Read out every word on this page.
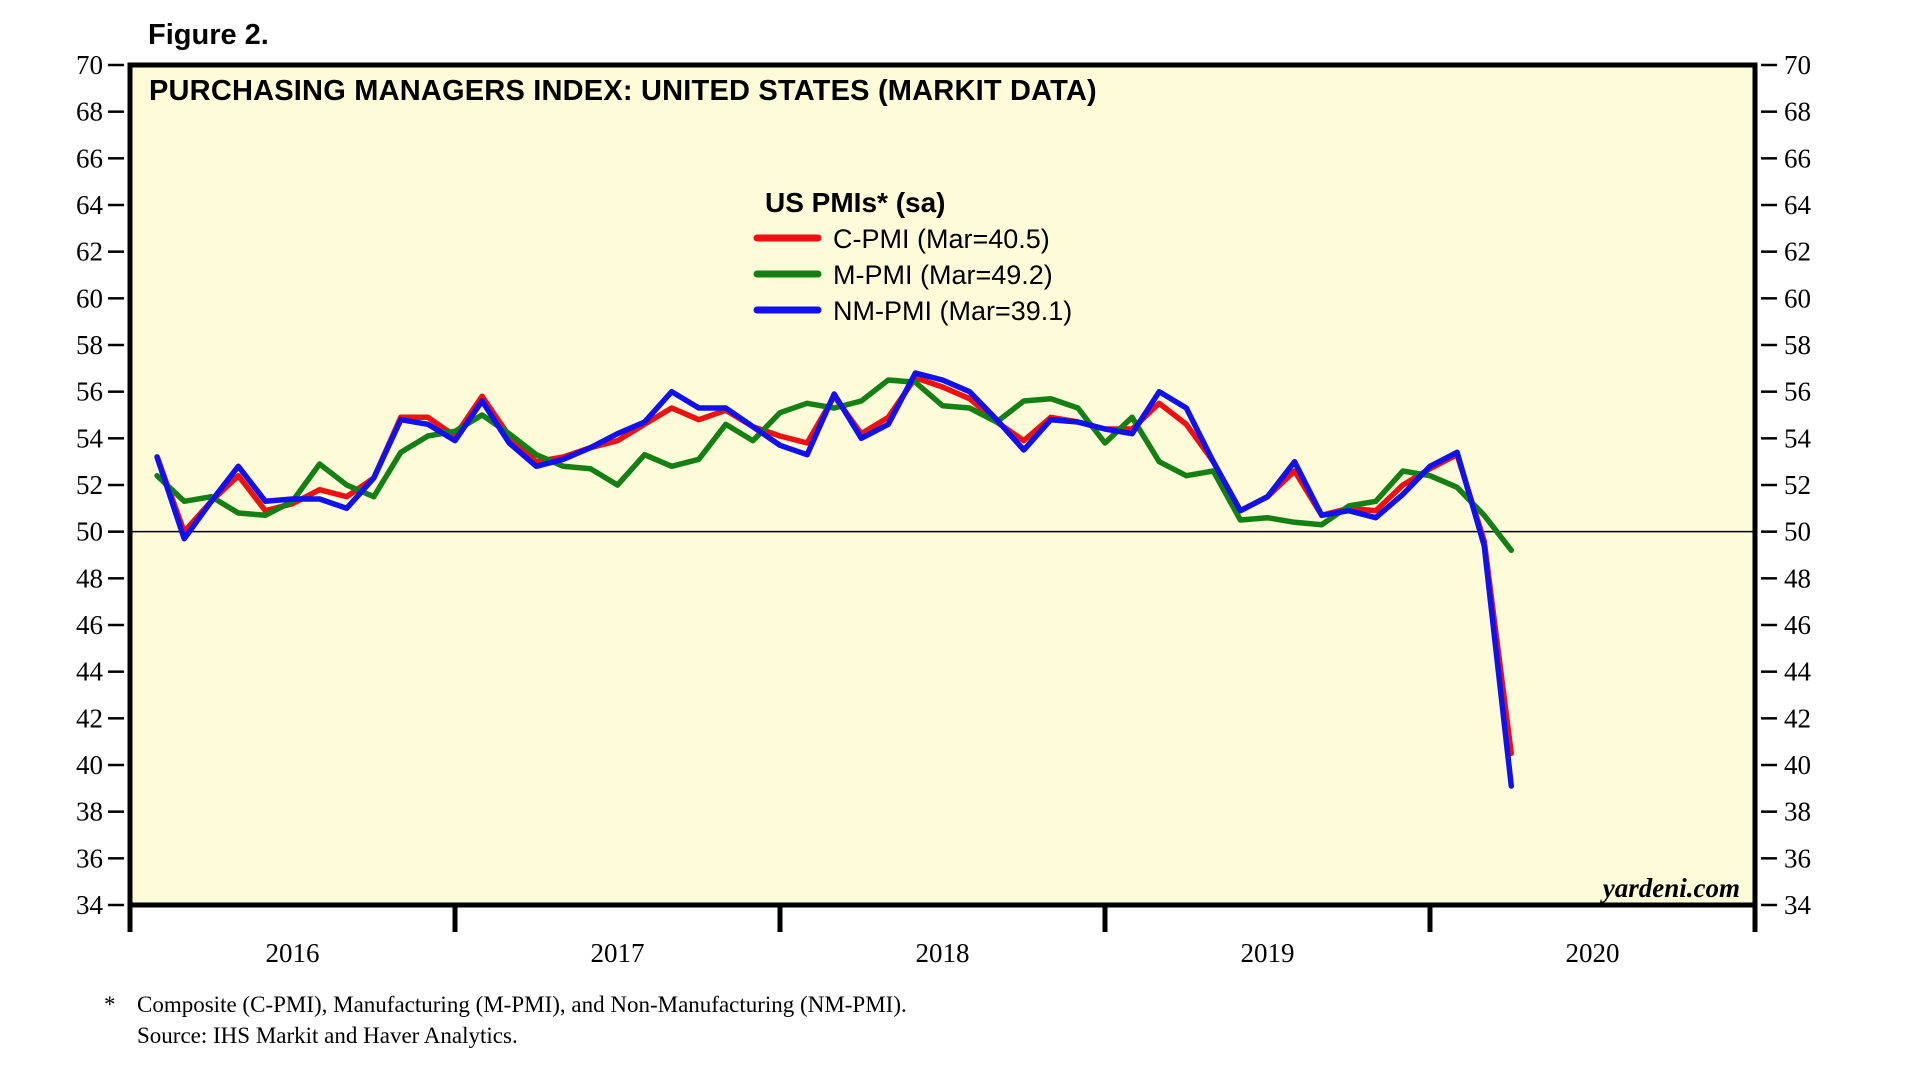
Figure 2.
34	34
36	36
38	38
40	40
42	42
44	44
46	46
48	48
50	50
52	52
54	54
56	56
58	58
60	60
62	62
64	64
66	66
68	68
70	70
2016	2017	2018	2019	2020
PURCHASING MANAGERS INDEX: UNITED STATES (MARKIT DATA)
US PMIs* (sa)
C-PMI (Mar=40.5)
M-PMI (Mar=49.2)
NM-PMI (Mar=39.1)
yardeni.com
* Composite (C-PMI), Manufacturing (M-PMI), and Non-Manufacturing (NM-PMI).
Source: IHS Markit and Haver Analytics.
